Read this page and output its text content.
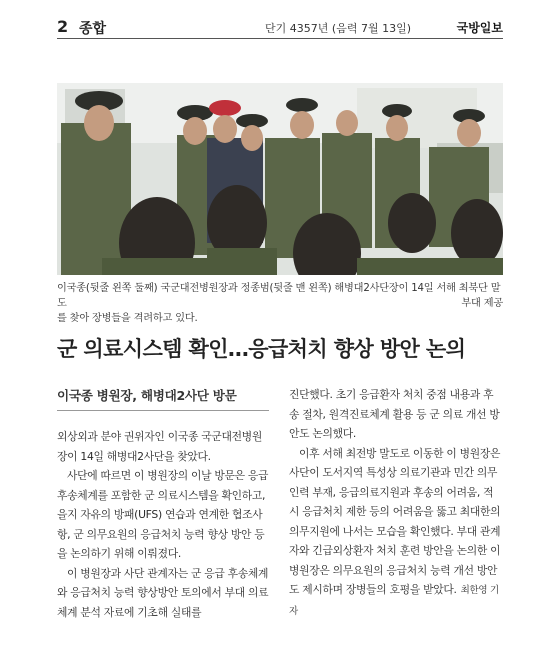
2 종합	단기 4357년 (음력 7월 13일)	국방일보
이국종(뒷줄 왼쪽 둘째) 국군대전병원장과 정종범(뒷줄 맨 왼쪽) 해병대2사단장이 14일 서해 최북단 말도
를 찾아 장병들을 격려하고 있다.
부대 제공
군 의료시스템 확인…응급처치 향상 방안 논의
이국종 병원장, 해병대2사단 방문

외상외과 분야 권위자인 이국종 국군대전병원장이 14일 해병대2사단을 찾았다.

사단에 따르면 이 병원장의 이날 방문은 응급 후송체계를 포함한 군 의료시스템을 확인하고, 을지 자유의 방패(UFS) 연습과 연계한 협조사항, 군 의무요원의 응급처치 능력 향상 방안 등을 논의하기 위해 이뤄졌다.

이 병원장과 사단 관계자는 군 응급 후송체계와 응급처치 능력 향상방안 토의에서 부대 의료체계 분석 자료에 기초해 실태를

진단했다. 초기 응급환자 처치 중점 내용과 후송 절차, 원격진료체계 활용 등 군 의료 개선 방안도 논의했다.

이후 서해 최전방 말도로 이동한 이 병원장은 사단이 도서지역 특성상 의료기관과 민간 의무인력 부재, 응급의료지원과 후송의 어려움, 적시 응급처치 제한 등의 어려움을 뚫고 최대한의 의무지원에 나서는 모습을 확인했다. 부대 관계자와 긴급외상환자 처치 훈련 방안을 논의한 이 병원장은 의무요원의 응급처치 능력 개선 방안도 제시하며 장병들의 호평을 받았다. 최한영 기자
